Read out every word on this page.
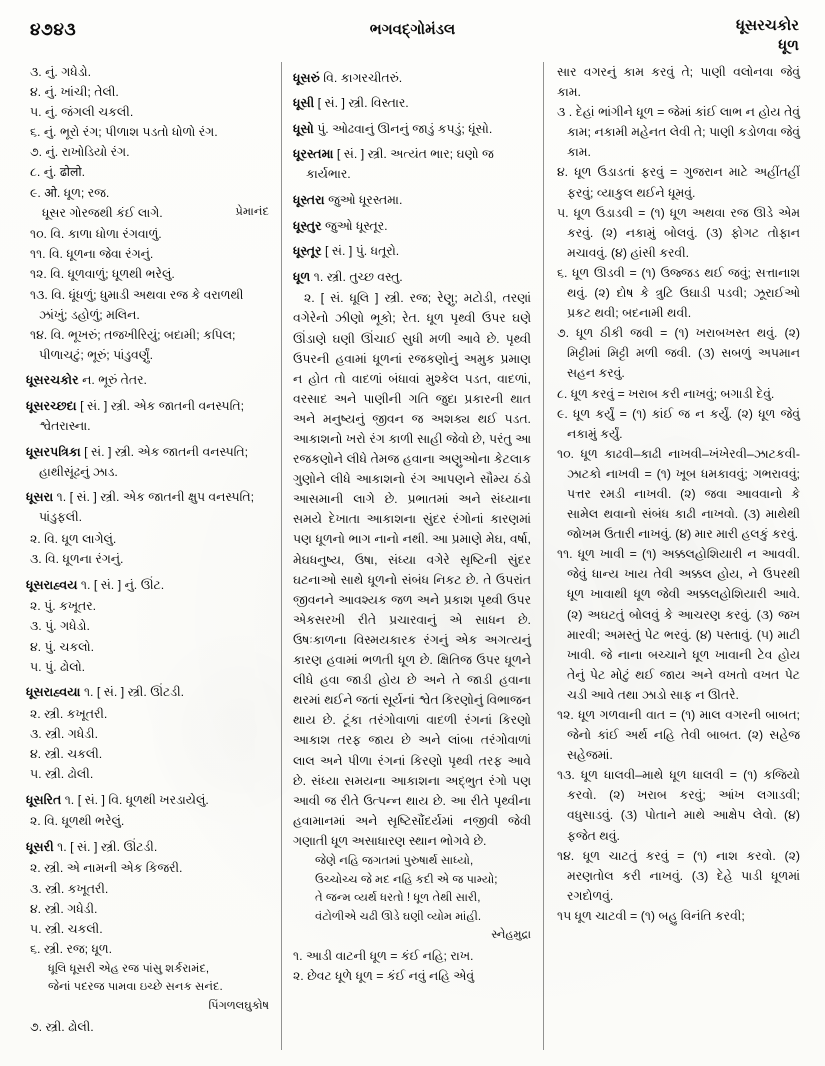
૪૭૪૩	ભગવદ્ગોમંડલ	ધૂસરચકોર
ધૂળ
૩. નું. ગધેડો.
૪. નું. ખાંચી; તેલી.
૫. નું. જંગલી ચકલી.
૬. નું. ભૂરો રંગ; પીળાશ પડતો ધોળો રંગ.
૭. નું. રાખોડિયો રંગ.
૮. નું. ढोलो.
૯. ओ. ધૂળ; રજ.
પ્રેમાનંદ
ધૂસર ગોરજથી કંઈ લાગે.
૧૦. વિ. કાળા ધોળા રંગવાળું.
૧૧. વિ. ધૂળના જેવા રંગનું.
૧૨. વિ. ધૂળવાળું; ધૂળથી ભરેલું.
૧૩. વિ. ધૂંધળું; ધુમાડી અથવા રજ કે વરાળથી ઝાંખું; ડહોળું; મલિન.
૧૪. વિ. ભૂખરું; તજખીરિયું; બદામી; કપિલ; પીળાચટું; ભૂરું; પાંડુવર્ણું.
ધૂસરચકોર ન. ભૂરું તેતર.
ધૂસરચ્છદા [ સં. ] સ્ત્રી. એક જાતની વનસ્પતિ; શ્વેતરાસ્ના.
ધૂસરપત્રિકા [ સં. ] સ્ત્રી. એક જાતની વનસ્પતિ; હાથીસૂંઢનું ઝાડ.
ધૂસરા ૧. [ સં. ] સ્ત્રી. એક જાતની ક્ષુપ વનસ્પતિ; પાંડુફલી.
૨. વિ. ધૂળ લાગેલું.
૩. વિ. ધૂળના રંગનું.
ધૂસરાહ્વય ૧. [ સં. ] નું. ઊંટ.
૨. પું. કખૂતર.
૩. પું. ગધેડો.
૪. પું. ચકલો.
૫. પું. ઢોલો.
ધૂસરાહ્વયા ૧. [ સં. ] સ્ત્રી. ઊંટડી.
૨. સ્ત્રી. કખૂતરી.
૩. સ્ત્રી. ગધેડી.
૪. સ્ત્રી. ચકલી.
૫. સ્ત્રી. ઢોલી.
ધૂસરિત ૧. [ સં. ] વિ. ધૂળથી ખરડાયેલું.
૨. વિ. ધૂળથી ભરેલું.
ધૂસરી ૧. [ સં. ] સ્ત્રી. ઊંટડી.
૨. સ્ત્રી. એ નામની એક કિજરી.
૩. સ્ત્રી. કખૂતરી.
૪. સ્ત્રી. ગધેડી.
૫. સ્ત્રી. ચકલી.
૬. સ્ત્રી. રજ; ધૂળ.
ધૂલિ ધૂસરી એહ રજ પાંસુ શર્કરામંદ,
જેનાં પદરજ પામવા ઇચ્છે સનક સનંદ.
પિંગળલઘુકોષ
૭. સ્ત્રી. ઢોલી.
ધૂસરું વિ. કાગરચીતરું.
ધૂસી [ સં. ] સ્ત્રી. વિસ્તાર.
ધૂસો પું. ઓઢવાનું ઊનનું જાડું કપડું; ધૂંસો.
ધૂરસ્તમા [ સં. ] સ્ત્રી. અત્યંત ભાર; ઘણો જ કાર્યભાર.
ધૂસ્તરા જુઓ ધૂરસ્તમા.
ધૂસ્તુર જુઓ ધૂસ્તૂર.
ધૂસ્તૂર [ સં. ] પું. ધતૂરો.
ધૂળ ૧. સ્ત્રી. તુચ્છ વસ્તુ.
૨. [ સં. ધૂલિ ] સ્ત્રી. રજ; રેણુ; મટોડી, તરણાં વગેરેનો ઝીણો ભૂકો; રેત. ધૂળ પૃથ્વી ઉપર ઘણે ઊંડાણે ઘણી ઊંચાઈ સુધી મળી આવે છે. પૃથ્વી ઉપરની હવામાં ધૂળનાં રજકણોનું અમુક પ્રમાણ ન હોત તો વાદળાં બંધાવાં મુશ્કેલ પડત, વાદળાં, વરસાદ અને પાણીની ગતિ જુદા પ્રકારની થાત અને મનુષ્યનું જીવન જ અશક્ય થઈ પડત. આકાશનો ખરો રંગ કાળી સાહી જેવો છે, પરંતુ આ રજકણોને લીધે તેમજ હવાના અણુઓના કેટલાક ગુણોને લીધે આકાશનો રંગ આપણને સૌમ્ય ઠંડો આસમાની લાગે છે. પ્રભાતમાં અને સંધ્યાના સમયે દેખાતા આકાશના સુંદર રંગોનાં કારણમાં પણ ધૂળનો ભાગ નાનો નથી. આ પ્રમાણે મેઘ, વર્ષા, મેઘધનુષ્ય, ઉષા, સંધ્યા વગેરે સૃષ્ટિની સુંદર ઘટનાઓ સાથે ધૂળનો સંબંધ નિકટ છે. તે ઉપરાંત જીવનને આવશ્યક જળ અને પ્રકાશ પૃથ્વી ઉપર એકસરખી રીતે પ્રચારવાનું એ સાધન છે. ઉષઃકાળના વિસ્મયકારક રંગનું એક અગત્યનું કારણ હવામાં ભળતી ધૂળ છે. ક્ષિતિજ ઉપર ધૂળને લીધે હવા જાડી હોય છે અને તે જાડી હવાના થરમાં થઈને જતાં સૂર્યનાં શ્વેત કિરણોનું વિભાજન થાય છે. ટૂંકા તરંગોવાળાં વાદળી રંગનાં કિરણો આકાશ તરફ જાય છે અને લાંબા તરંગોવાળાં લાલ અને પીળા રંગનાં કિરણો પૃથ્વી તરફ આવે છે. સંધ્યા સમયના આકાશના અદ્ભુત રંગો પણ આવી જ રીતે ઉત્પન્ન થાય છે. આ રીતે પૃથ્વીના હવામાનમાં અને સૃષ્ટિસૌંદર્યમાં નજીવી જેવી ગણાતી ધૂળ અસાધારણ સ્થાન ભોગવે છે.
જેણે નહિ જગતમાં પુરુષાર્થ સાધ્યો,
ઉચ્ચોચ્ચ જે મદ નહિ કદી એ જ પામ્યો;
તે જન્મ વ્યર્થ ધરતો ! ધૂળ તેથી સારી,
વંટોળીએ ચઢી ઊડે ઘણી વ્યોમ માંહી.
સ્નેહમુદ્રા
૧. આડી વાટની ધૂળ = કંઈ નહિ; રાખ.
૨. છેવટ ધૂળે ધૂળ = કંઈ નવું નહિ એવું
સાર વગરનું કામ કરવું તે; પાણી વલોનવા જેવું કામ.
૩ . દેહાં ભાંગીને ધૂળ = જેમાં કાંઈ લાભ ન હોય તેવું કામ; નકામી મહેનત લેવી તે; પાણી કડોળવા જેવું કામ.
૪. ધૂળ ઉડાડતાં ફરવું = ગુજરાન માટે અહીંતહીં ફરવું; વ્યાકુલ થઈને ધૂમવું.
૫. ધૂળ ઉડાડવી = (૧) ધૂળ અથવા રજ ઊડે એમ કરવું. (૨) નકામું બોલવું. (૩) ફોગટ તોફાન મચાવવું. (૪) હાંસી કરવી.
૬. ધૂળ ઊડવી = (૧) ઉજ્જડ થઈ જવું; સત્તાનાશ થવું. (૨) દોષ કે ત્રુટિ ઉઘાડી પડવી; ઝૂરાઈઓ પ્રકટ થવી; બદનામી થવી.
૭. ધૂળ ઠીકી જવી = (૧) ખરાબખસ્ત થવું. (૨) મિટ્ટીમાં મિટ્ટી મળી જવી. (૩) સબળું અપમાન સહન કરવું.
૮. ધૂળ કરવું = ખરાબ કરી નાખવું; બગાડી દેવું.
૯. ધૂળ કર્યું = (૧) કાંઈ જ ન કર્યું. (૨) ધૂળ જેવું નકામું કર્યું.
૧૦. ધૂળ કાઢવી–કાઢી નાખવી–ખંખેરવી–ઝાટકવી-ઝાટકો નાખવી = (૧) ખૂબ ધમકાવવું; ગભરાવવું; પત્તર રમડી નાખવી. (૨) જવા આવવાનો કે સામેલ થવાનો સંબંધ કાઢી નાખવો. (૩) માથેથી જોખમ ઉતારી નાખવું. (૪) માર મારી હલકું કરવું.
૧૧. ધૂળ ખાવી = (૧) અક્કલહોશિયારી ન આવવી. જેવું ધાન્ય ખાય તેવી અક્કલ હોય, ને ઉપરથી ધૂળ ખાવાથી ધૂળ જેવી અક્કલહોશિયારી આવે. (૨) અઘટતું બોલવું કે આચરણ કરવું. (૩) જખ મારવી; અમસ્તું પેટ ભરવું. (૪) પસ્તાવું. (૫) માટી ખાવી. જે નાના બચ્ચાને ધૂળ ખાવાની ટેવ હોય તેનું પેટ મોટું થઈ જાય અને વખતો વખત પેટ ચડી આવે તથા ઝાડો સાફ ન ઊતરે.
૧૨. ધૂળ ગળવાની વાત = (૧) માલ વગરની બાબત; જેનો કાંઈ અર્થ નહિ તેવી બાબત. (૨) સહેજ સહેજમાં.
૧૩. ધૂળ ધાલવી–માથે ધૂળ ધાલવી = (૧) કજિયો કરવો. (૨) ખરાબ કરવું; આંખ લગાડવી; વધુસાડવું. (૩) પોતાને માથે આક્ષેપ લેવો. (૪) ફજેત થવું.
૧૪. ધૂળ ચાટતું કરવું = (૧) નાશ કરવો. (૨) મરણતોલ કરી નાખવું. (૩) દેહે પાડી ધૂળમાં રગદોળવું.
૧૫ ધૂળ ચાટવી = (૧) બહુ વિનંતિ કરવી;
